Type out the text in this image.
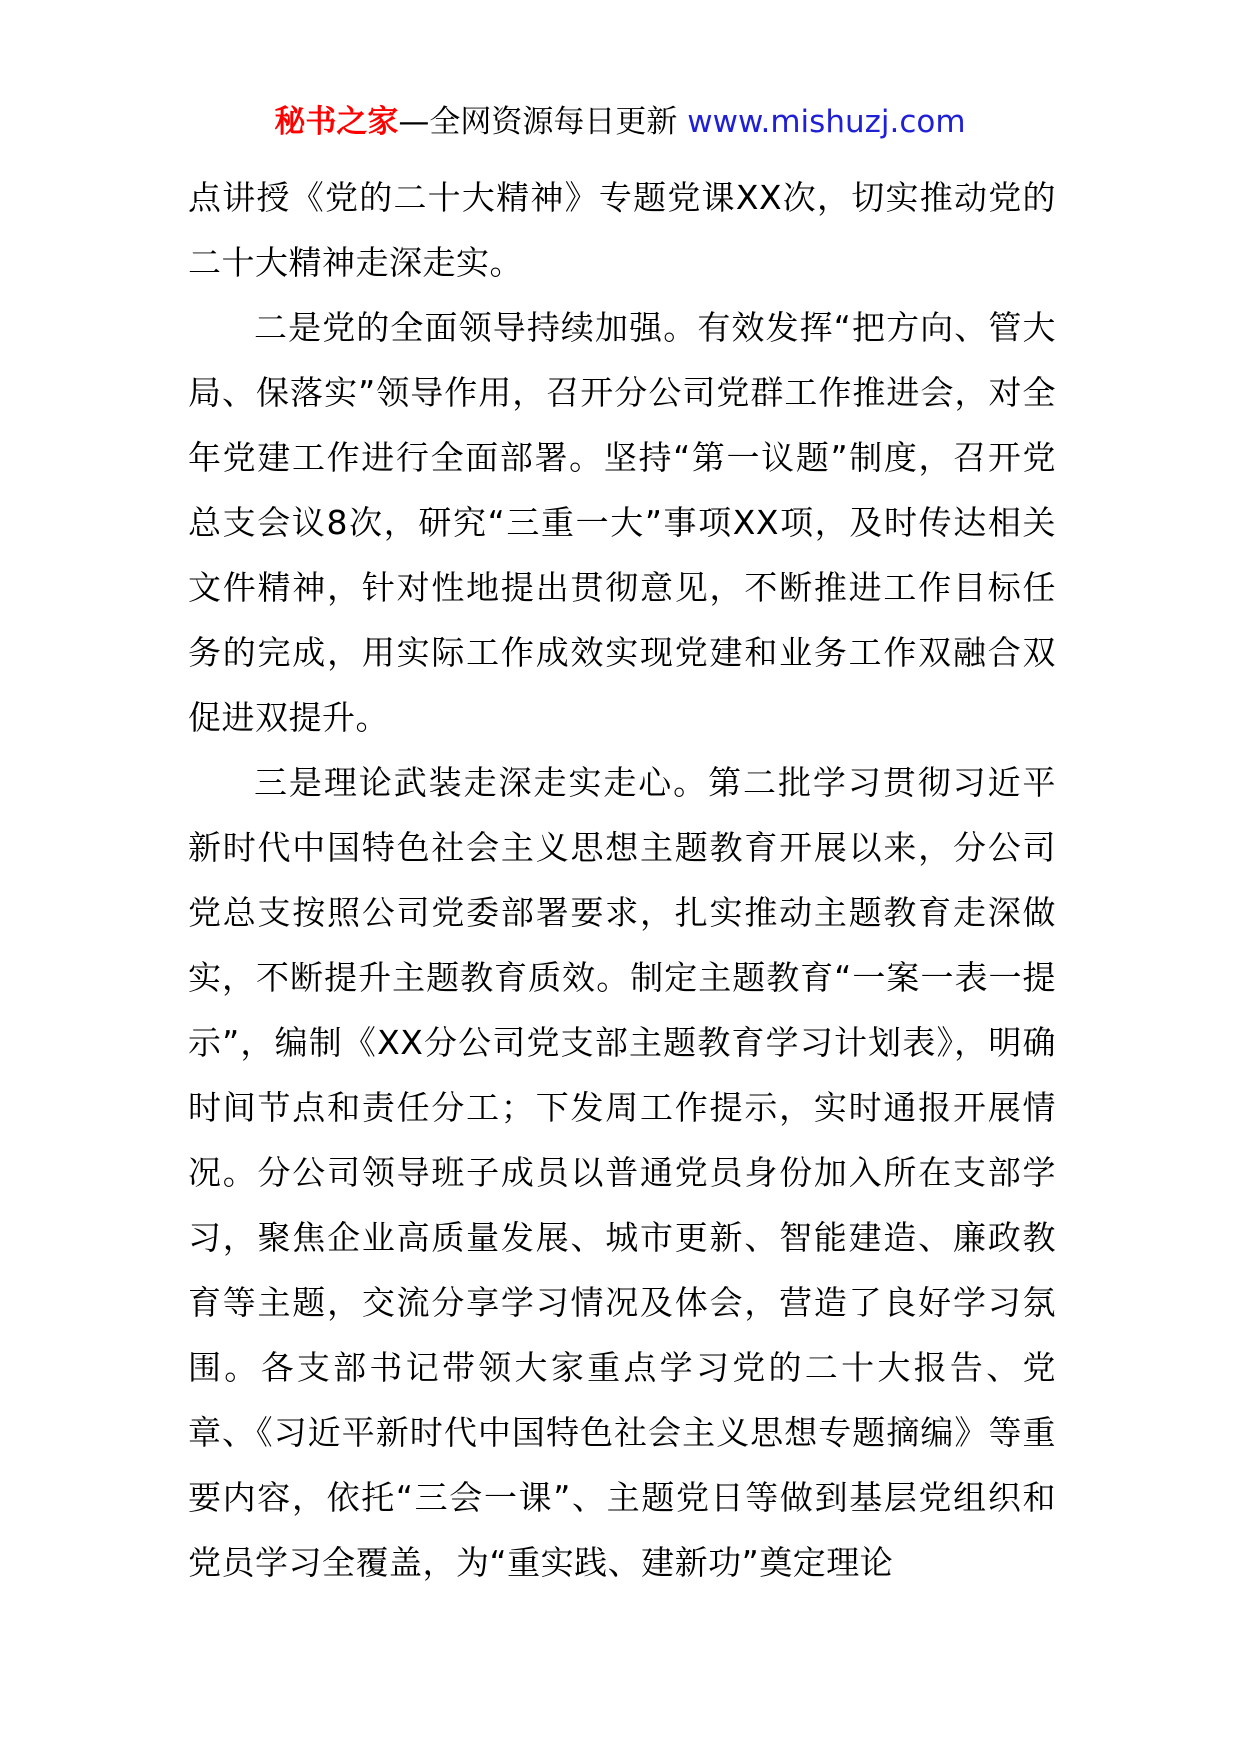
秘书之家—全网资源每日更新 www.mishuzj.com

点讲授《党的二十大精神》专题党课XX次，切实推动党的二十大精神走深走实。

二是党的全面领导持续加强。有效发挥“把方向、管大局、保落实”领导作用，召开分公司党群工作推进会，对全年党建工作进行全面部署。坚持“第一议题”制度，召开党总支会议8次，研究“三重一大”事项XX项，及时传达相关文件精神，针对性地提出贯彻意见，不断推进工作目标任务的完成，用实际工作成效实现党建和业务工作双融合双促进双提升。

三是理论武装走深走实走心。第二批学习贯彻习近平新时代中国特色社会主义思想主题教育开展以来，分公司党总支按照公司党委部署要求，扎实推动主题教育走深做实，不断提升主题教育质效。制定主题教育“一案一表一提示”，编制《XX分公司党支部主题教育学习计划表》，明确时间节点和责任分工；下发周工作提示，实时通报开展情况。分公司领导班子成员以普通党员身份加入所在支部学习，聚焦企业高质量发展、城市更新、智能建造、廉政教育等主题，交流分享学习情况及体会，营造了良好学习氛围。各支部书记带领大家重点学习党的二十大报告、党章、《习近平新时代中国特色社会主义思想专题摘编》等重要内容，依托“三会一课”、主题党日等做到基层党组织和党员学习全覆盖，为“重实践、建新功”奠定理论
